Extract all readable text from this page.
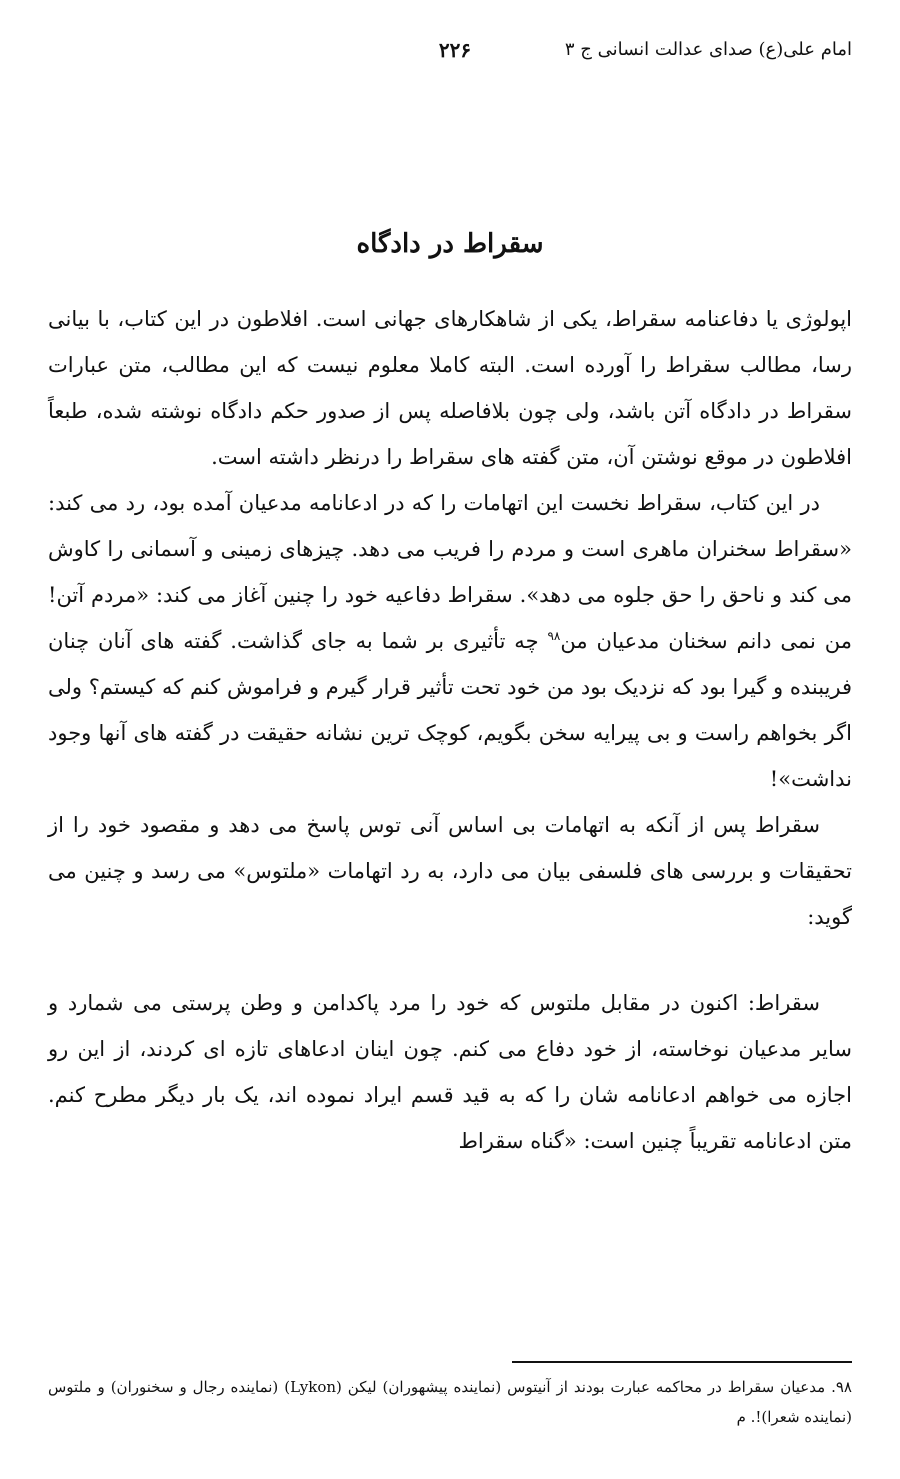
امام علی(ع) صدای عدالت انسانی ج ۳
۲۲۶
سقراط در دادگاه

اپولوژی یا دفاعنامه سقراط، یکی از شاهکارهای جهانی است. افلاطون در این کتاب، با بیانی رسا، مطالب سقراط را آورده است. البته کاملا معلوم نیست که این مطالب، متن عبارات سقراط در دادگاه آتن باشد، ولی چون بلافاصله پس از صدور حکم دادگاه نوشته شده، طبعاً افلاطون در موقع نوشتن آن، متن گفته های سقراط را درنظر داشته است.

در این کتاب، سقراط نخست این اتهامات را که در ادعانامه مدعیان آمده بود، رد می کند: «سقراط سخنران ماهری است و مردم را فریب می دهد. چیزهای زمینی و آسمانی را کاوش می کند و ناحق را حق جلوه می دهد». سقراط دفاعیه خود را چنین آغاز می کند: «مردم آتن! من نمی دانم سخنان مدعیان من$^{۹۸}$ چه تأثیری بر شما به جای گذاشت. گفته های آنان چنان فریبنده و گیرا بود که نزدیک بود من خود تحت تأثیر قرار گیرم و فراموش کنم که کیستم؟ ولی اگر بخواهم راست و بی پیرایه سخن بگویم، کوچک ترین نشانه حقیقت در گفته های آنها وجود نداشت»!

سقراط پس از آنکه به اتهامات بی اساس آنی توس پاسخ می دهد و مقصود خود را از تحقیقات و بررسی های فلسفی بیان می دارد، به رد اتهامات «ملتوس» می رسد و چنین می گوید:

سقراط: اکنون در مقابل ملتوس که خود را مرد پاکدامن و وطن پرستی می شمارد و سایر مدعیان نوخاسته، از خود دفاع می کنم. چون اینان ادعاهای تازه ای کردند، از این رو اجازه می خواهم ادعانامه شان را که به قید قسم ایراد نموده اند، یک بار دیگر مطرح کنم. متن ادعانامه تقریباً چنین است: «گناه سقراط

۹۸. مدعیان سقراط در محاکمه عبارت بودند از آنیتوس (نماینده پیشهوران) لیکن (Lykon) (نماینده رجال و سخنوران) و ملتوس (نماینده شعرا)!. م
